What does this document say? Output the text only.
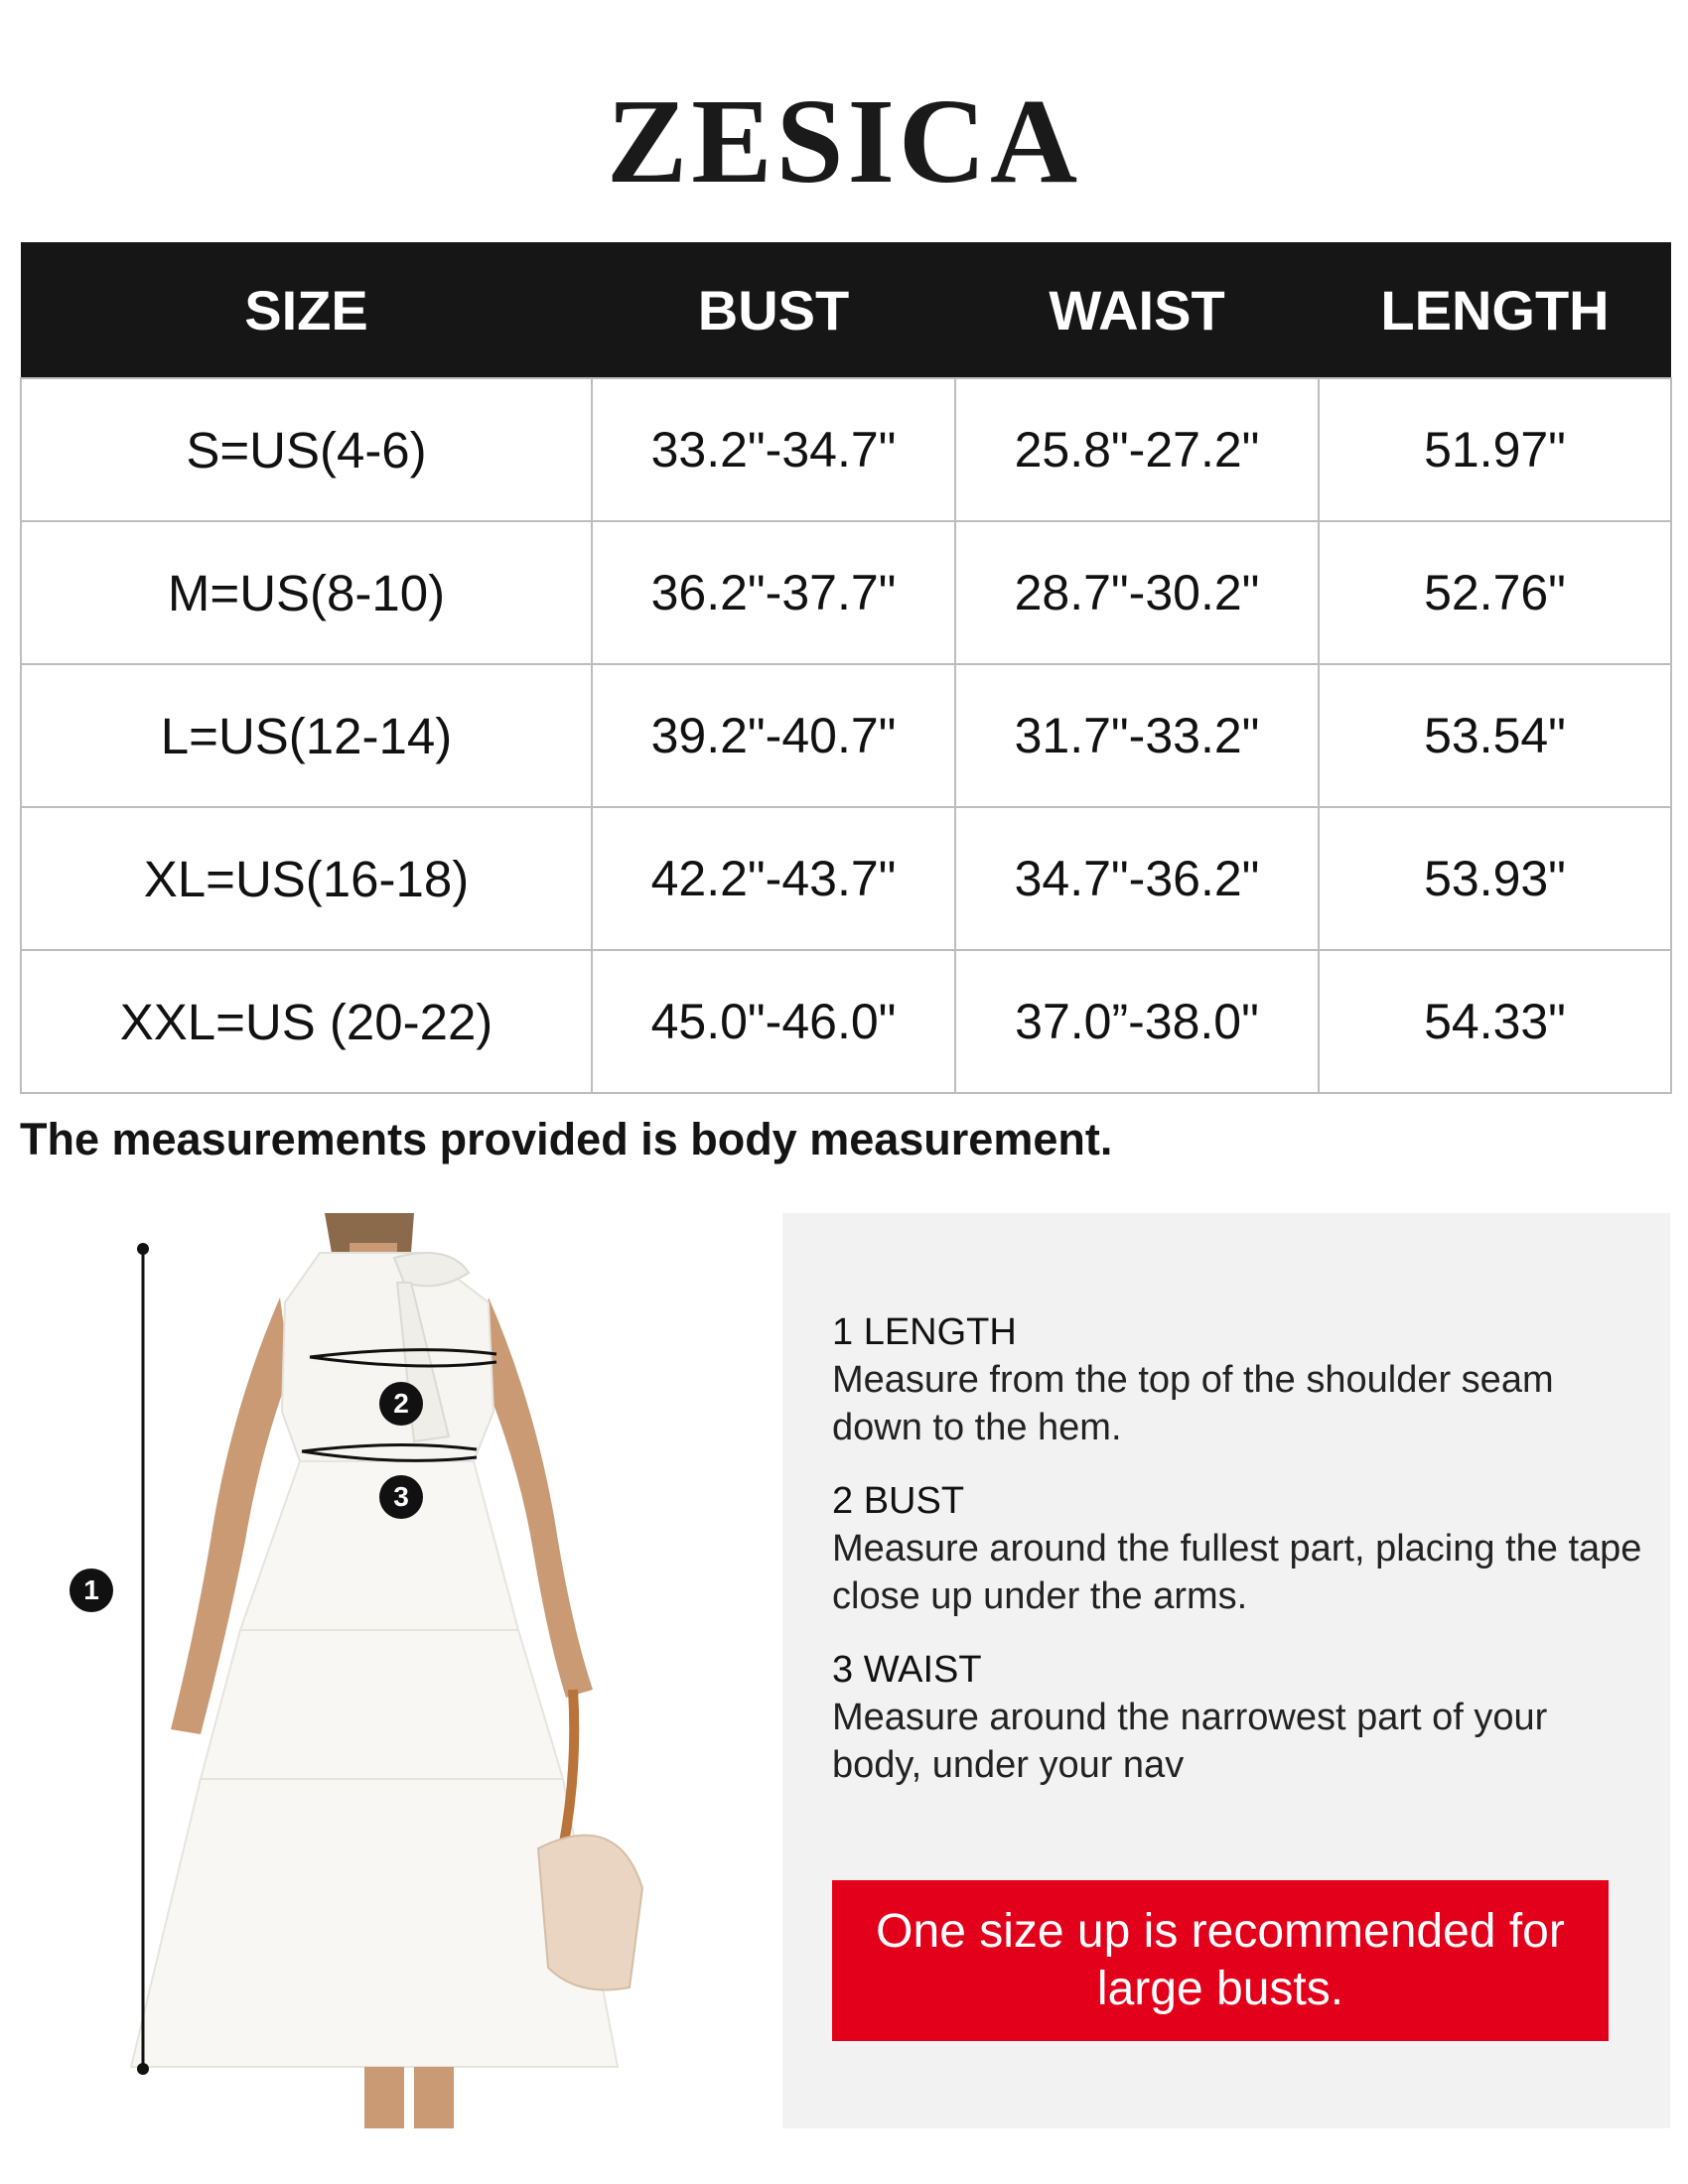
ZESICA
SIZE	BUST	WAIST	LENGTH
S=US(4-6)	33.2"-34.7"	25.8"-27.2"	51.97"
M=US(8-10)	36.2"-37.7"	28.7"-30.2"	52.76"
L=US(12-14)	39.2"-40.7"	31.7"-33.2"	53.54"
XL=US(16-18)	42.2"-43.7"	34.7"-36.2"	53.93"
XXL=US (20-22)	45.0"-46.0"	37.0”-38.0"	54.33"
The measurements provided is body measurement.
1
2
3
1 LENGTH
Measure from the top of the shoulder seam down to the hem.
2 BUST
Measure around the fullest part, placing the tape close up under the arms.
3 WAIST
Measure around the narrowest part of your body, under your nav
One size up is recommended for large busts.
